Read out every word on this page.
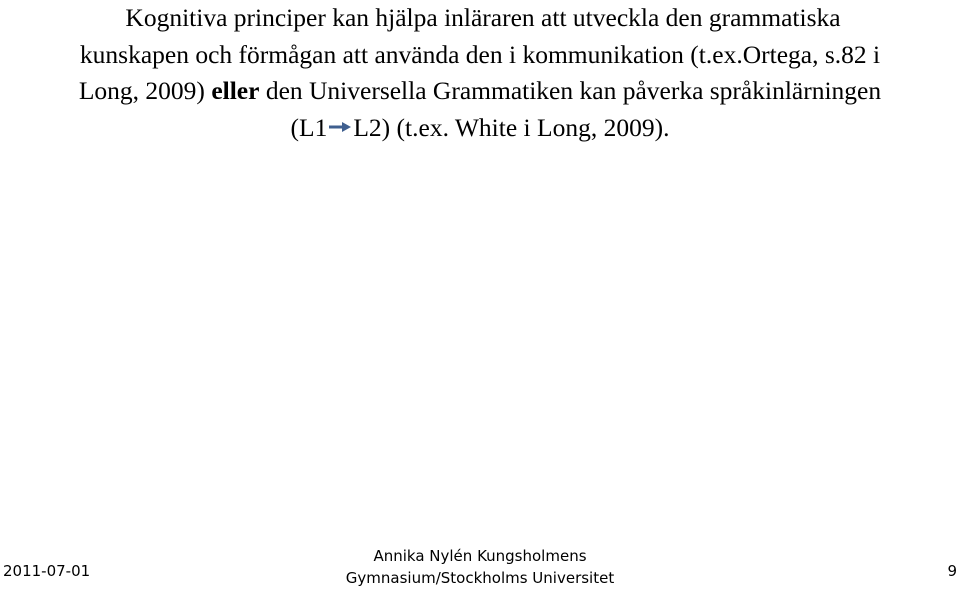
Kognitiva principer kan hjälpa inläraren att utveckla den grammatiska
kunskapen och förmågan att använda den i kommunikation (t.ex.Ortega, s.82 i
Long, 2009) eller den Universella Grammatiken kan påverka språkinlärningen
(L1 L2) (t.ex. White i Long, 2009).
2011-07-01
Annika Nylén Kungsholmens
Gymnasium/Stockholms Universitet	9
